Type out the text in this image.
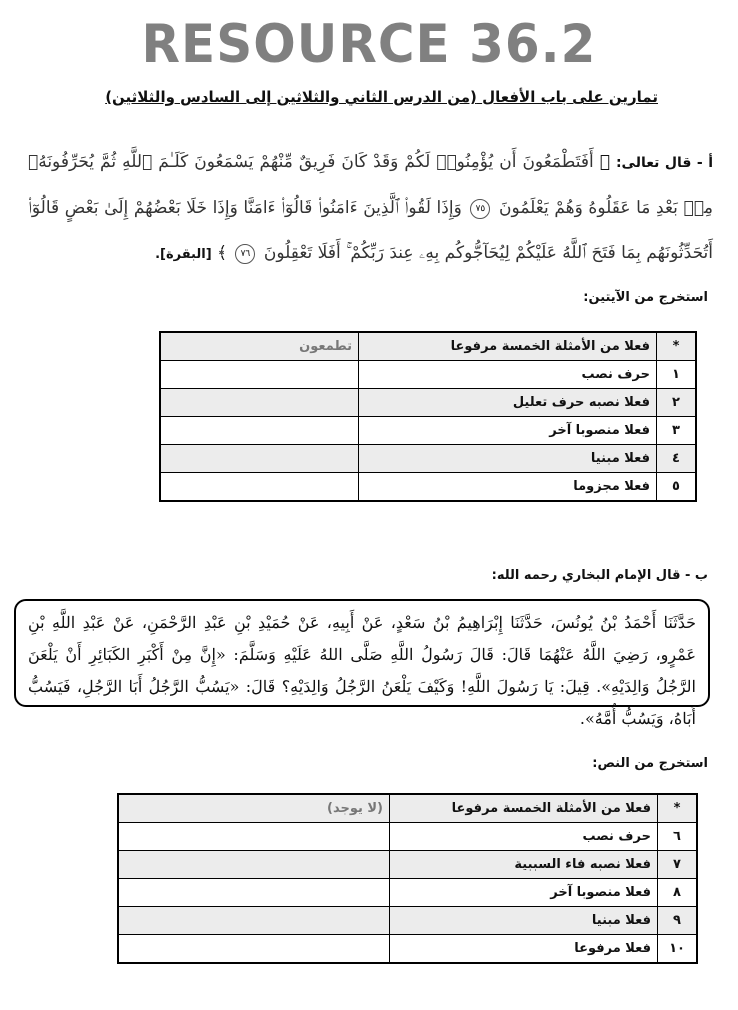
RESOURCE 36.2
تمارين على باب الأفعال (من الدرس الثاني والثلاثين إلى السادس والثلاثين)
أ - قال تعالى: ﴿ أَفَتَطْمَعُونَ أَن يُؤْمِنُوا۟ لَكُمْ وَقَدْ كَانَ فَرِيقٌ مِّنْهُمْ يَسْمَعُونَ كَلَـٰمَ ٱللَّهِ ثُمَّ يُحَرِّفُونَهُۥ مِنۢ بَعْدِ مَا عَقَلُوهُ وَهُمْ يَعْلَمُونَ ٧٥ وَإِذَا لَقُوا۟ ٱلَّذِينَ ءَامَنُوا۟ قَالُوٓا۟ ءَامَنَّا وَإِذَا خَلَا بَعْضُهُمْ إِلَىٰ بَعْضٍ قَالُوٓا۟ أَتُحَدِّثُونَهُم بِمَا فَتَحَ ٱللَّهُ عَلَيْكُمْ لِيُحَآجُّوكُم بِهِۦ عِندَ رَبِّكُمْ ۚ أَفَلَا تَعْقِلُونَ ٧٦ ﴾ [البقرة].
استخرج من الآيتين:
*	فعلا من الأمثلة الخمسة مرفوعا	تطمعون
١	حرف نصب	
٢	فعلا نصبه حرف تعليل	
٣	فعلا منصوبا آخر	
٤	فعلا مبنيا	
٥	فعلا مجزوما	
ب - قال الإمام البخاري رحمه الله:
حَدَّثَنَا أَحْمَدُ بْنُ يُونُسَ، حَدَّثَنَا إِبْرَاهِيمُ بْنُ سَعْدٍ، عَنْ أَبِيهِ، عَنْ حُمَيْدِ بْنِ عَبْدِ الرَّحْمَنِ، عَنْ عَبْدِ اللَّهِ بْنِ عَمْرٍو، رَضِيَ اللَّهُ عَنْهُمَا قَالَ: قَالَ رَسُولُ اللَّهِ صَلَّى اللهُ عَلَيْهِ وَسَلَّمَ: «إِنَّ مِنْ أَكْبَرِ الكَبَائِرِ أَنْ يَلْعَنَ الرَّجُلُ وَالِدَيْهِ». قِيلَ: يَا رَسُولَ اللَّهِ! وَكَيْفَ يَلْعَنُ الرَّجُلُ وَالِدَيْهِ؟ قَالَ: «يَسُبُّ الرَّجُلُ أَبَا الرَّجُلِ، فَيَسُبُّ أَبَاهُ، وَيَسُبُّ أُمَّهُ».
استخرج من النص:
*	فعلا من الأمثلة الخمسة مرفوعا	(لا يوجد)
٦	حرف نصب	
٧	فعلا نصبه فاء السببية	
٨	فعلا منصوبا آخر	
٩	فعلا مبنيا	
١٠	فعلا مرفوعا	
